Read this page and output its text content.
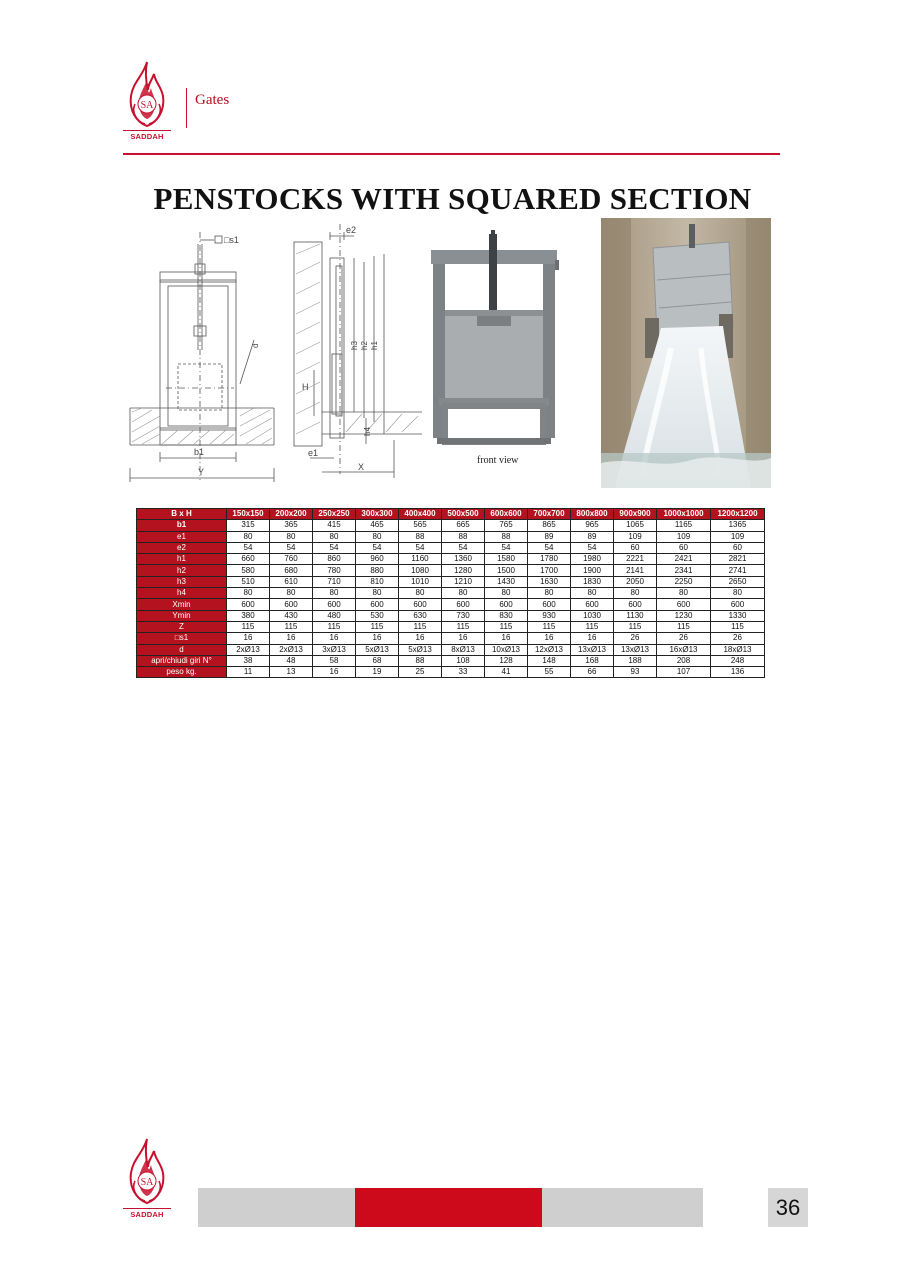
SA
SADDAH
Gates
PENSTOCKS WITH SQUARED SECTION
□s1
d
b1
Y
e2
h3 h2 h1
H
h4
e1
X
front view
B x H	150x150	200x200	250x250	300x300	400x400	500x500	600x600	700x700	800x800	900x900	1000x1000	1200x1200
b1	315	365	415	465	565	665	765	865	965	1065	1165	1365
e1	80	80	80	80	88	88	88	89	89	109	109	109
e2	54	54	54	54	54	54	54	54	54	60	60	60
h1	660	760	860	960	1160	1360	1580	1780	1980	2221	2421	2821
h2	580	680	780	880	1080	1280	1500	1700	1900	2141	2341	2741
h3	510	610	710	810	1010	1210	1430	1630	1830	2050	2250	2650
h4	80	80	80	80	80	80	80	80	80	80	80	80
Xmin	600	600	600	600	600	600	600	600	600	600	600	600
Ymin	380	430	480	530	630	730	830	930	1030	1130	1230	1330
Z	115	115	115	115	115	115	115	115	115	115	115	115
□s1	16	16	16	16	16	16	16	16	16	26	26	26
d	2xØ13	2xØ13	3xØ13	5xØ13	5xØ13	8xØ13	10xØ13	12xØ13	13xØ13	13xØ13	16xØ13	18xØ13
apri/chiudi giri N°	38	48	58	68	88	108	128	148	168	188	208	248
peso kg.	11	13	16	19	25	33	41	55	66	93	107	136
SA
SADDAH	36
